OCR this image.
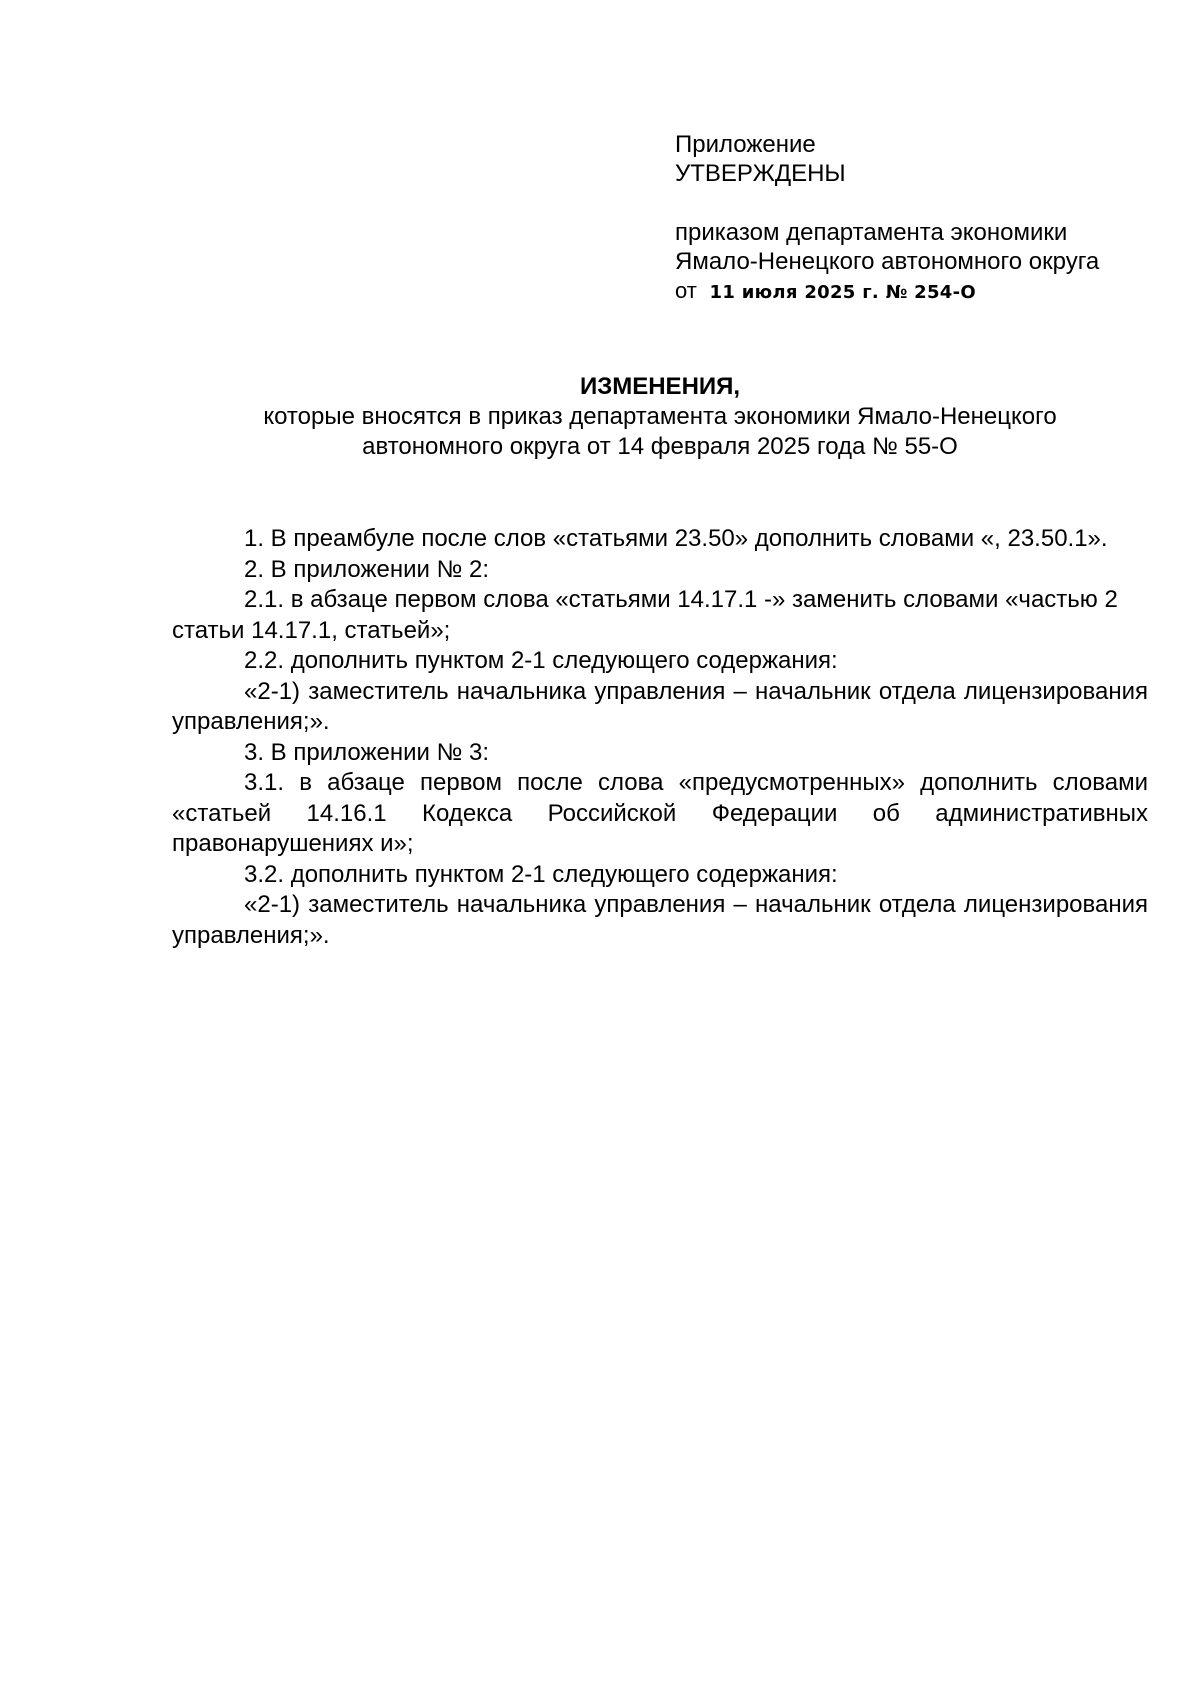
Приложение
УТВЕРЖДЕНЫ
приказом департамента экономики
Ямало-Ненецкого автономного округа
от 11 июля 2025 г. № 254-О
ИЗМЕНЕНИЯ,
которые вносятся в приказ департамента экономики Ямало-Ненецкого автономного округа от 14 февраля 2025 года № 55-О

1. В преамбуле после слов «статьями 23.50» дополнить словами «, 23.50.1».

2. В приложении № 2:

2.1. в абзаце первом слова «статьями 14.17.1 -» заменить словами «частью 2 статьи 14.17.1, статьей»;

2.2. дополнить пунктом 2-1 следующего содержания:

«2-1) заместитель начальника управления – начальник отдела лицензирования управления;».

3. В приложении № 3:

3.1. в абзаце первом после слова «предусмотренных» дополнить словами «статьей 14.16.1 Кодекса Российской Федерации об административных правонарушениях и»;

3.2. дополнить пунктом 2-1 следующего содержания:

«2-1) заместитель начальника управления – начальник отдела лицензирования управления;».
